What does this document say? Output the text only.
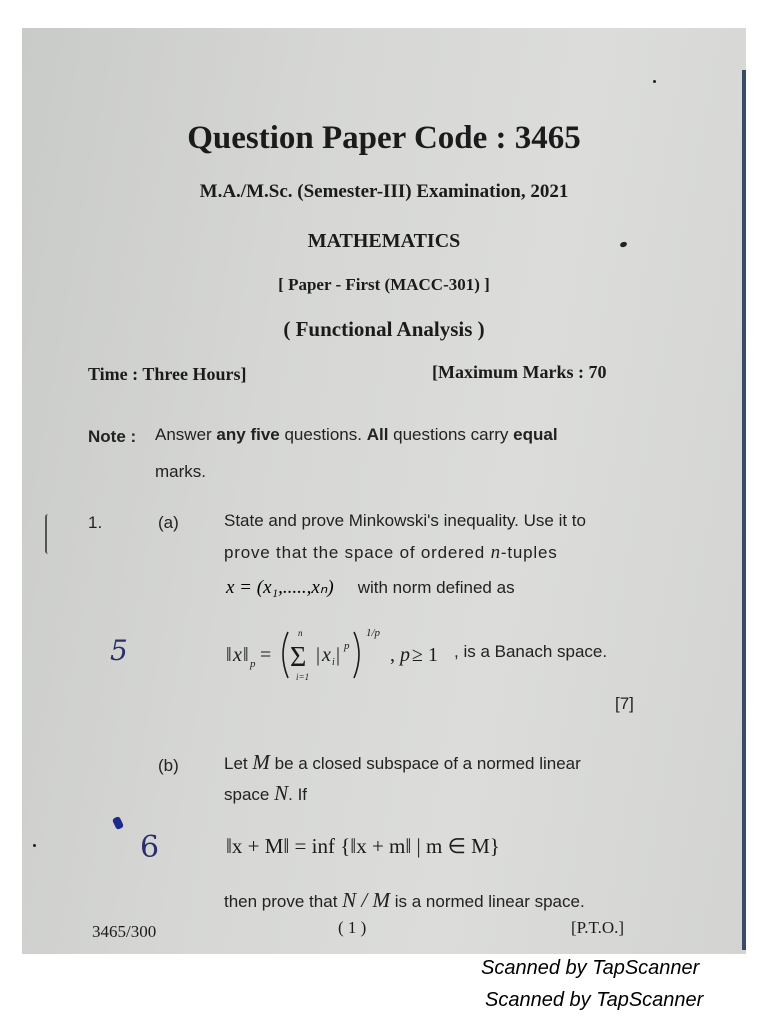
Question Paper Code : 3465
M.A./M.Sc. (Semester-III) Examination, 2021
MATHEMATICS
[ Paper - First (MACC-301) ]
( Functional Analysis )
Time : Three Hours]	[Maximum Marks : 70
Note : Answer any five questions. All questions carry equal
marks.
1.	(a)	State and prove Minkowski's inequality. Use it to
prove that the space of ordered n-tuples
x = (x₁,.....,xₙ) with norm defined as
‖ x ‖ p =
n
Σ
i=1
| x i | p
1/p
, p ≥ 1 , is a Banach space.
5
[7]
(b)	Let M be a closed subspace of a normed linear
space N. If
6	‖x + M‖ = inf {‖x + m‖ | m ∈ M}
then prove that N / M is a normed linear space.
3465/300	( 1 )	[P.T.O.]
Scanned by TapScanner
Scanned by TapScanner
